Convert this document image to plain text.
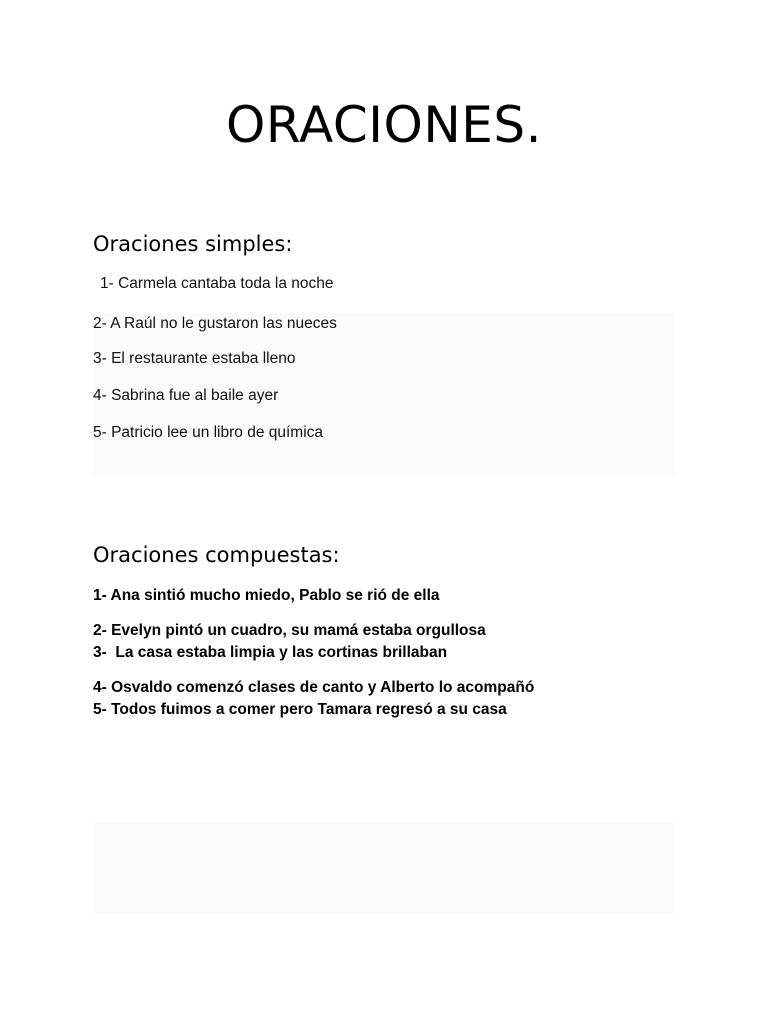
ORACIONES.
Oraciones simples:
1- Carmela cantaba toda la noche
2- A Raúl no le gustaron las nueces
3- El restaurante estaba lleno
4- Sabrina fue al baile ayer
5- Patricio lee un libro de química
Oraciones compuestas:
1- Ana sintió mucho miedo, Pablo se rió de ella
2- Evelyn pintó un cuadro, su mamá estaba orgullosa
3-  La casa estaba limpia y las cortinas brillaban
4- Osvaldo comenzó clases de canto y Alberto lo acompañó
5- Todos fuimos a comer pero Tamara regresó a su casa
